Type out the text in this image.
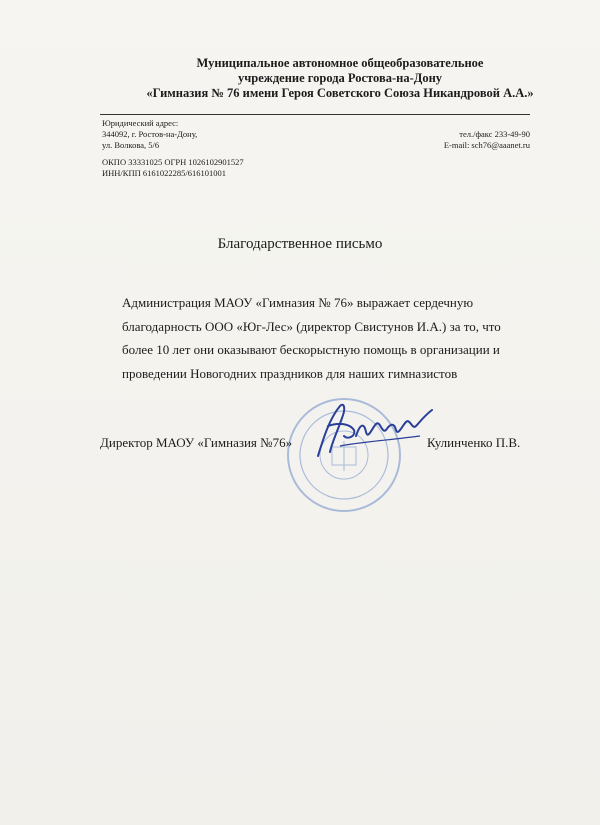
Муниципальное автономное общеобразовательное
учреждение города Ростова-на-Дону
«Гимназия № 76 имени Героя Советского Союза Никандровой А.А.»
Юридический адрес:
344092, г. Ростов-на-Дону,
ул. Волкова, 5/6
тел./факс 233-49-90
E-mail: sch76@aaanet.ru
ОКПО 33331025 ОГРН 1026102901527
ИНН/КПП 6161022285/616101001
Благодарственное письмо
Администрация МАОУ «Гимназия № 76» выражает сердечную
благодарность ООО «Юг-Лес» (директор Свистунов И.А.) за то, что
более 10 лет они оказывают бескорыстную помощь в организации и
проведении Новогодних праздников для наших гимназистов
Директор МАОУ «Гимназия №76»	Кулинченко П.В.
